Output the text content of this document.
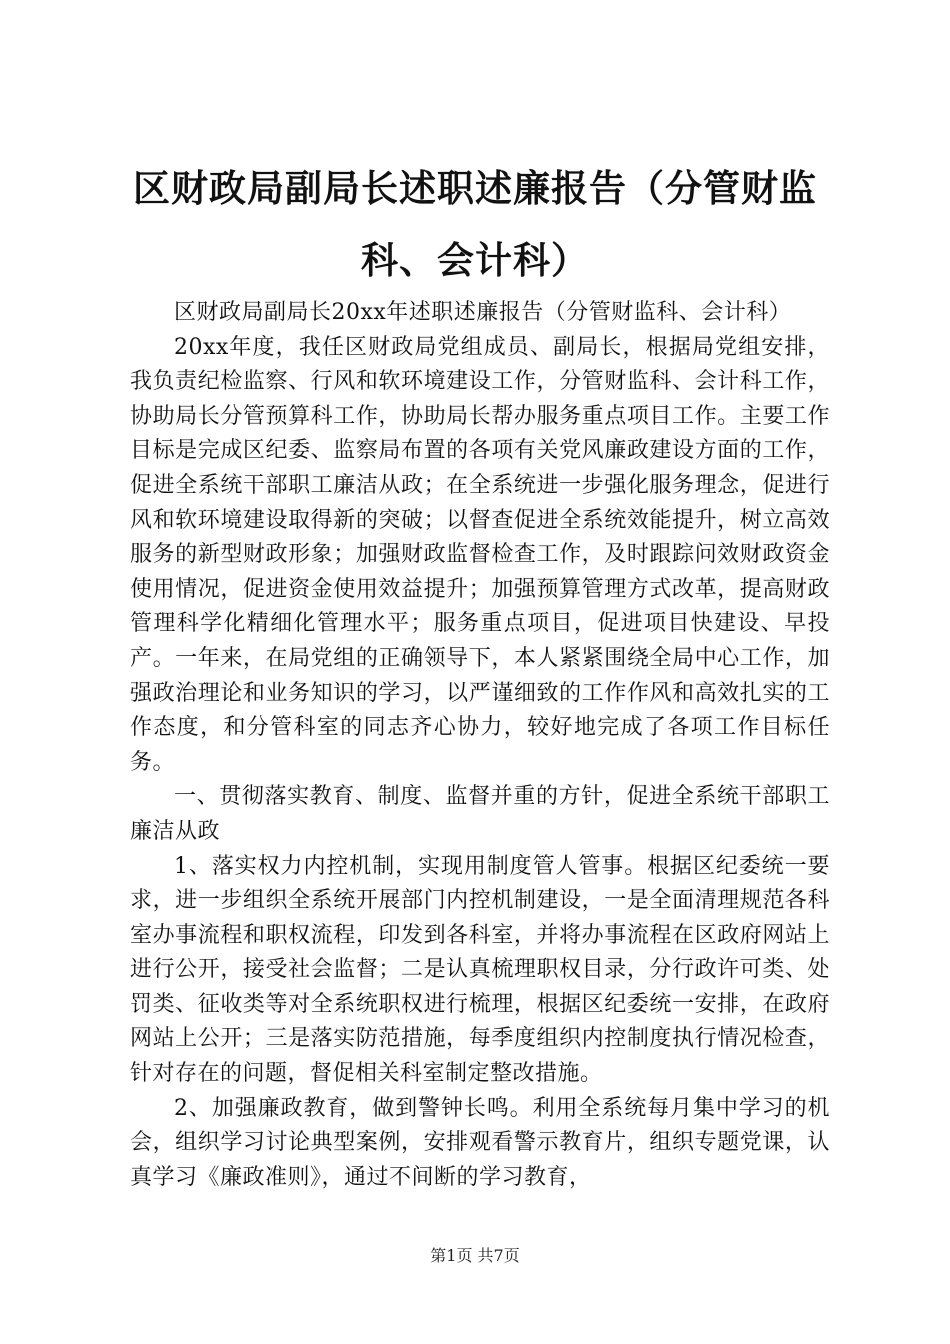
区财政局副局长述职述廉报告（分管财监科、会计科）

区财政局副局长20xx年述职述廉报告（分管财监科、会计科）

20xx年度，我任区财政局党组成员、副局长，根据局党组安排，我负责纪检监察、行风和软环境建设工作，分管财监科、会计科工作，协助局长分管预算科工作，协助局长帮办服务重点项目工作。主要工作目标是完成区纪委、监察局布置的各项有关党风廉政建设方面的工作，促进全系统干部职工廉洁从政；在全系统进一步强化服务理念，促进行风和软环境建设取得新的突破；以督查促进全系统效能提升，树立高效服务的新型财政形象；加强财政监督检查工作，及时跟踪问效财政资金使用情况，促进资金使用效益提升；加强预算管理方式改革，提高财政管理科学化精细化管理水平；服务重点项目，促进项目快建设、早投产。一年来，在局党组的正确领导下，本人紧紧围绕全局中心工作，加强政治理论和业务知识的学习，以严谨细致的工作作风和高效扎实的工作态度，和分管科室的同志齐心协力，较好地完成了各项工作目标任务。

一、贯彻落实教育、制度、监督并重的方针，促进全系统干部职工廉洁从政

1、落实权力内控机制，实现用制度管人管事。根据区纪委统一要求，进一步组织全系统开展部门内控机制建设，一是全面清理规范各科室办事流程和职权流程，印发到各科室，并将办事流程在区政府网站上进行公开，接受社会监督；二是认真梳理职权目录，分行政许可类、处罚类、征收类等对全系统职权进行梳理，根据区纪委统一安排，在政府网站上公开；三是落实防范措施，每季度组织内控制度执行情况检查，针对存在的问题，督促相关科室制定整改措施。

2、加强廉政教育，做到警钟长鸣。利用全系统每月集中学习的机会，组织学习讨论典型案例，安排观看警示教育片，组织专题党课，认真学习《廉政准则》，通过不间断的学习教育，

第1页 共7页
